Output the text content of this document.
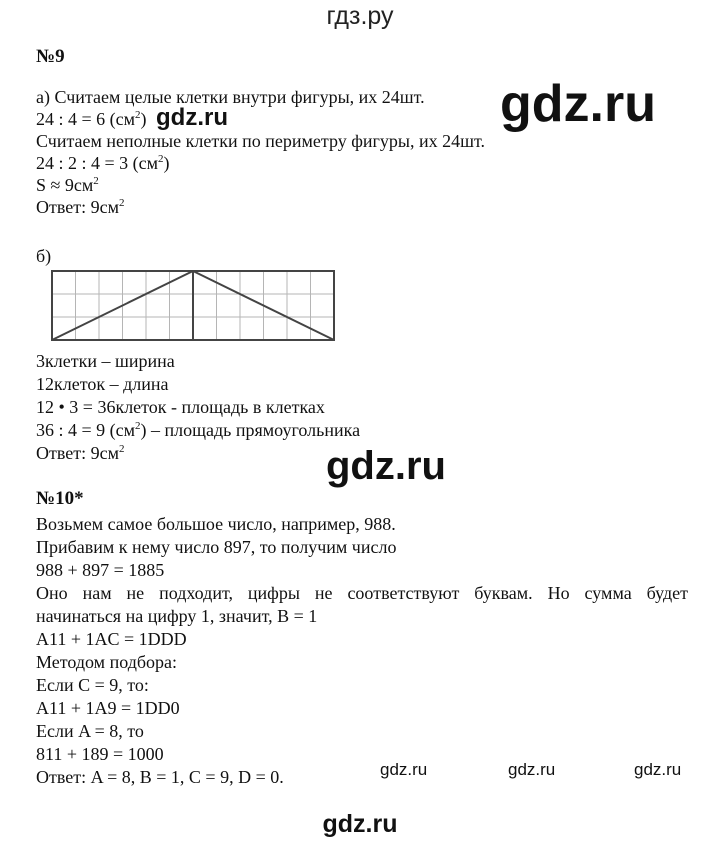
гдз.ру
№9
а) Считаем целые клетки внутри фигуры, их 24шт.
24 : 4 = 6 $(см^2)$
Считаем неполные клетки по периметру фигуры, их 24шт.
24 : 2 : 4 = 3 $(см^2)$
$S \approx 9см^2$
Ответ: $9см^2$
б)
3клетки – ширина
12клеток – длина
12 • 3 = 36клеток - площадь в клетках
36 : 4 = 9 $(см^2)$ – площадь прямоугольника
Ответ: $9см^2$
№10*
Возьмем самое большое число, например, 988.
Прибавим к нему число 897, то получим число
988 + 897 = 1885
Оно нам не подходит, цифры не соответствуют буквам. Но сумма будет
начинаться на цифру 1, значит, B = 1
A11 + 1AC = 1DDD
Методом подбора:
Если C = 9, то:
A11 + 1A9 = 1DD0
Если A = 8, то
811 + 189 = 1000
Ответ: A = 8, B = 1, C = 9, D = 0.
gdz.ru
gdz.ru
gdz.ru
gdz.ru	gdz.ru	gdz.ru
gdz.ru
